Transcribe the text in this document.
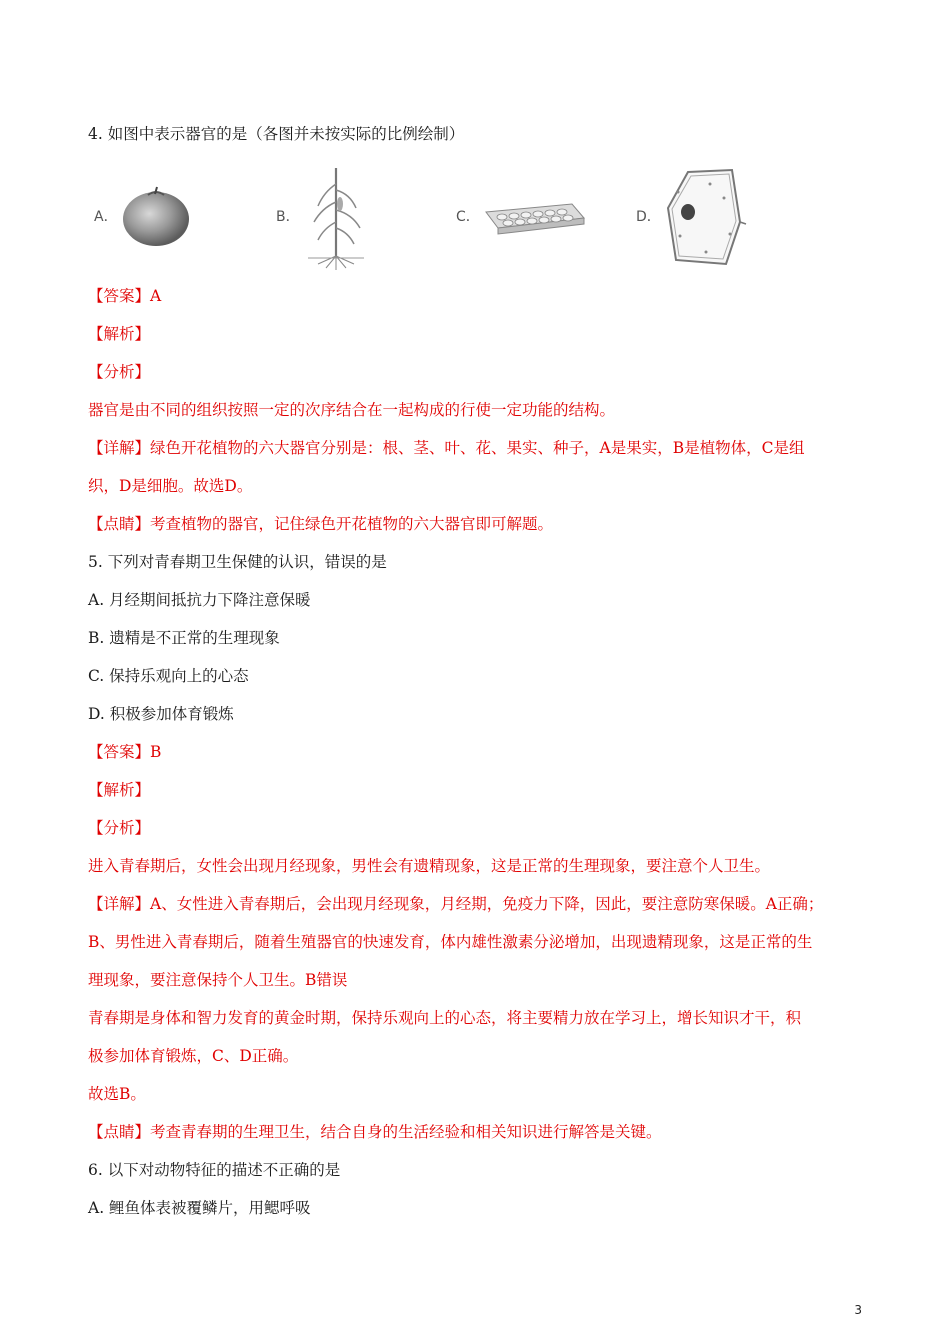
4. 如图中表示器官的是（各图并未按实际的比例绘制）
A．	B．	C．	D．
【答案】A
【解析】
【分析】
器官是由不同的组织按照一定的次序结合在一起构成的行使一定功能的结构。
【详解】绿色开花植物的六大器官分别是：根、茎、叶、花、果实、种子，A是果实，B是植物体，C是组
织，D是细胞。故选D。
【点睛】考查植物的器官，记住绿色开花植物的六大器官即可解题。
5. 下列对青春期卫生保健的认识，错误的是
A. 月经期间抵抗力下降注意保暖
B. 遗精是不正常的生理现象
C. 保持乐观向上的心态
D. 积极参加体育锻炼
【答案】B
【解析】
【分析】
进入青春期后，女性会出现月经现象，男性会有遗精现象，这是正常的生理现象，要注意个人卫生。
【详解】A、女性进入青春期后，会出现月经现象，月经期，免疫力下降，因此，要注意防寒保暖。A正确；
B、男性进入青春期后，随着生殖器官的快速发育，体内雄性激素分泌增加，出现遗精现象，这是正常的生
理现象，要注意保持个人卫生。B错误
青春期是身体和智力发育的黄金时期，保持乐观向上的心态，将主要精力放在学习上，增长知识才干，积
极参加体育锻炼，C、D正确。
故选B。
【点睛】考查青春期的生理卫生，结合自身的生活经验和相关知识进行解答是关键。
6. 以下对动物特征的描述不正确的是
A. 鲤鱼体表被覆鳞片，用鳃呼吸
3
